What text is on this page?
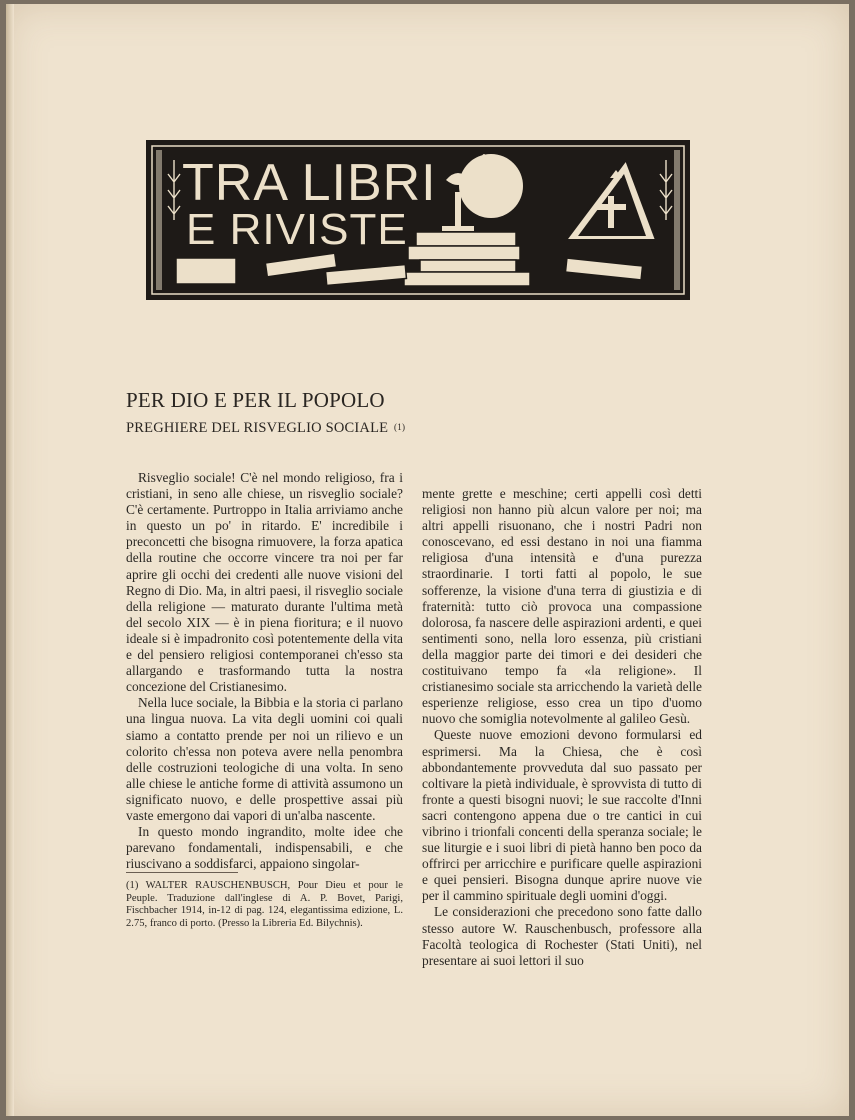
TRA LIBRI
E RIVISTE
PER DIO E PER IL POPOLO
PREGHIERE DEL RISVEGLIO SOCIALE (1)

Risveglio sociale! C'è nel mondo religioso, fra i cristiani, in seno alle chiese, un risveglio sociale? C'è certamente. Purtroppo in Italia arriviamo anche in questo un po' in ritardo. E' incredibile i preconcetti che bisogna rimuovere, la forza apatica della routine che occorre vincere tra noi per far aprire gli occhi dei credenti alle nuove visioni del Regno di Dio. Ma, in altri paesi, il risveglio sociale della religione — maturato durante l'ultima metà del secolo XIX — è in piena fioritura; e il nuovo ideale si è impadronito così potentemente della vita e del pensiero religiosi contemporanei ch'esso sta allargando e trasformando tutta la nostra concezione del Cristianesimo.

Nella luce sociale, la Bibbia e la storia ci parlano una lingua nuova. La vita degli uomini coi quali siamo a contatto prende per noi un rilievo e un colorito ch'essa non poteva avere nella penombra delle costruzioni teologiche di una volta. In seno alle chiese le antiche forme di attività assumono un significato nuovo, e delle prospettive assai più vaste emergono dai vapori di un'alba nascente.

In questo mondo ingrandito, molte idee che parevano fondamentali, indispensabili, e che riuscivano a soddisfarci, appaiono singolar-

mente grette e meschine; certi appelli così detti religiosi non hanno più alcun valore per noi; ma altri appelli risuonano, che i nostri Padri non conoscevano, ed essi destano in noi una fiamma religiosa d'una intensità e d'una purezza straordinarie. I torti fatti al popolo, le sue sofferenze, la visione d'una terra di giustizia e di fraternità: tutto ciò provoca una compassione dolorosa, fa nascere delle aspirazioni ardenti, e quei sentimenti sono, nella loro essenza, più cristiani della maggior parte dei timori e dei desideri che costituivano tempo fa «la religione». Il cristianesimo sociale sta arricchendo la varietà delle esperienze religiose, esso crea un tipo d'uomo nuovo che somiglia notevolmente al galileo Gesù.

Queste nuove emozioni devono formularsi ed esprimersi. Ma la Chiesa, che è così abbondantemente provveduta dal suo passato per coltivare la pietà individuale, è sprovvista di tutto di fronte a questi bisogni nuovi; le sue raccolte d'Inni sacri contengono appena due o tre cantici in cui vibrino i trionfali concenti della speranza sociale; le sue liturgie e i suoi libri di pietà hanno ben poco da offrirci per arricchire e purificare quelle aspirazioni e quei pensieri. Bisogna dunque aprire nuove vie per il cammino spirituale degli uomini d'oggi.

Le considerazioni che precedono sono fatte dallo stesso autore W. Rauschenbusch, professore alla Facoltà teologica di Rochester (Stati Uniti), nel presentare ai suoi lettori il suo

(1) WALTER RAUSCHENBUSCH, Pour Dieu et pour le Peuple. Traduzione dall'inglese di A. P. Bovet, Parigi, Fischbacher 1914, in-12 di pag. 124, elegantissima edizione, L. 2.75, franco di porto. (Presso la Libreria Ed. Bilychnis).
